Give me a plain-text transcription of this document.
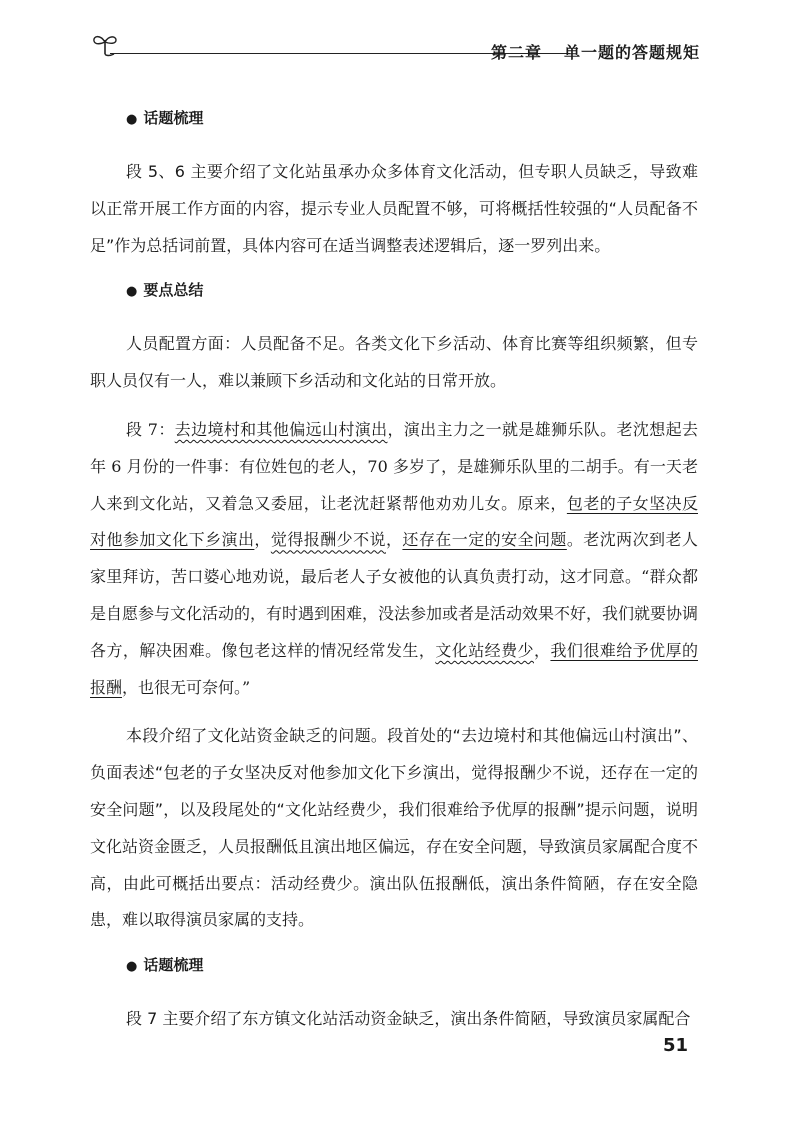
第二章 单一题的答题规矩
● 话题梳理

段 5、6 主要介绍了文化站虽承办众多体育文化活动，但专职人员缺乏，导致难以正常开展工作方面的内容，提示专业人员配置不够，可将概括性较强的“人员配备不足”作为总括词前置，具体内容可在适当调整表述逻辑后，逐一罗列出来。

● 要点总结

人员配置方面：人员配备不足。各类文化下乡活动、体育比赛等组织频繁，但专职人员仅有一人，难以兼顾下乡活动和文化站的日常开放。

段 7：去边境村和其他偏远山村演出，演出主力之一就是雄狮乐队。老沈想起去年 6 月份的一件事：有位姓包的老人，70 多岁了，是雄狮乐队里的二胡手。有一天老人来到文化站，又着急又委屈，让老沈赶紧帮他劝劝儿女。原来，包老的子女坚决反对他参加文化下乡演出，觉得报酬少不说，还存在一定的安全问题。老沈两次到老人家里拜访，苦口婆心地劝说，最后老人子女被他的认真负责打动，这才同意。“群众都是自愿参与文化活动的，有时遇到困难，没法参加或者是活动效果不好，我们就要协调各方，解决困难。像包老这样的情况经常发生，文化站经费少，我们很难给予优厚的报酬，也很无可奈何。”

本段介绍了文化站资金缺乏的问题。段首处的“去边境村和其他偏远山村演出”、负面表述“包老的子女坚决反对他参加文化下乡演出，觉得报酬少不说，还存在一定的安全问题”，以及段尾处的“文化站经费少，我们很难给予优厚的报酬”提示问题，说明文化站资金匮乏，人员报酬低且演出地区偏远，存在安全问题，导致演员家属配合度不高，由此可概括出要点：活动经费少。演出队伍报酬低，演出条件简陋，存在安全隐患，难以取得演员家属的支持。

● 话题梳理

段 7 主要介绍了东方镇文化站活动资金缺乏，演出条件简陋，导致演员家属配合

51
